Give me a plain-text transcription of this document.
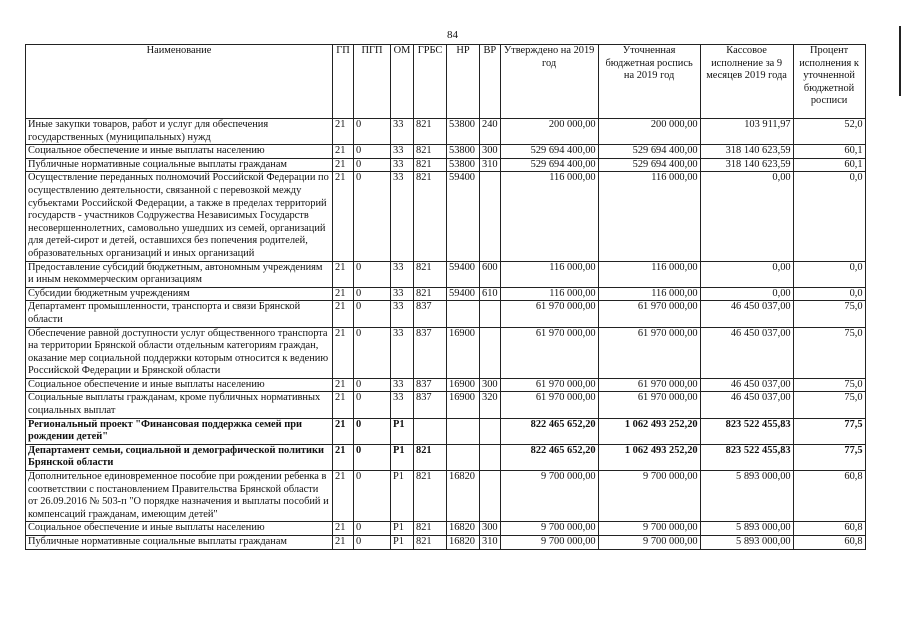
84
Наименование	ГП	ПГП	ОМ	ГРБС	НР	ВР	Утверждено на 2019 год	Уточненная бюджетная роспись на 2019 год	Кассовое исполнение за 9 месяцев 2019 года	Процент исполнения к уточненной бюджетной росписи
Иные закупки товаров, работ и услуг для обеспечения государственных (муниципальных) нужд	21	0	33	821	53800	240	200 000,00	200 000,00	103 911,97	52,0
Социальное обеспечение и иные выплаты населению	21	0	33	821	53800	300	529 694 400,00	529 694 400,00	318 140 623,59	60,1
Публичные нормативные социальные выплаты гражданам	21	0	33	821	53800	310	529 694 400,00	529 694 400,00	318 140 623,59	60,1
Осуществление переданных полномочий Российской Федерации по осуществлению деятельности, связанной с перевозкой между субъектами Российской Федерации, а также в пределах территорий государств - участников Содружества Независимых Государств несовершеннолетних, самовольно ушедших из семей, организаций для детей-сирот и детей, оставшихся без попечения родителей, образовательных организаций и иных организаций	21	0	33	821	59400		116 000,00	116 000,00	0,00	0,0
Предоставление субсидий бюджетным, автономным учреждениям и иным некоммерческим организациям	21	0	33	821	59400	600	116 000,00	116 000,00	0,00	0,0
Субсидии бюджетным учреждениям	21	0	33	821	59400	610	116 000,00	116 000,00	0,00	0,0
Департамент промышленности, транспорта и связи Брянской области	21	0	33	837			61 970 000,00	61 970 000,00	46 450 037,00	75,0
Обеспечение равной доступности услуг общественного транспорта на территории Брянской области отдельным категориям граждан, оказание мер социальной поддержки которым относится к ведению Российской Федерации и Брянской области	21	0	33	837	16900		61 970 000,00	61 970 000,00	46 450 037,00	75,0
Социальное обеспечение и иные выплаты населению	21	0	33	837	16900	300	61 970 000,00	61 970 000,00	46 450 037,00	75,0
Социальные выплаты гражданам, кроме публичных нормативных социальных выплат	21	0	33	837	16900	320	61 970 000,00	61 970 000,00	46 450 037,00	75,0
Региональный проект "Финансовая поддержка семей при рождении детей"	21	0	P1				822 465 652,20	1 062 493 252,20	823 522 455,83	77,5
Департамент семьи, социальной и демографической политики Брянской области	21	0	P1	821			822 465 652,20	1 062 493 252,20	823 522 455,83	77,5
Дополнительное единовременное пособие при рождении ребенка в соответствии с постановлением Правительства Брянской области от 26.09.2016 № 503-п "О порядке назначения и выплаты пособий и компенсаций гражданам, имеющим детей"	21	0	P1	821	16820		9 700 000,00	9 700 000,00	5 893 000,00	60,8
Социальное обеспечение и иные выплаты населению	21	0	P1	821	16820	300	9 700 000,00	9 700 000,00	5 893 000,00	60,8
Публичные нормативные социальные выплаты гражданам	21	0	P1	821	16820	310	9 700 000,00	9 700 000,00	5 893 000,00	60,8
